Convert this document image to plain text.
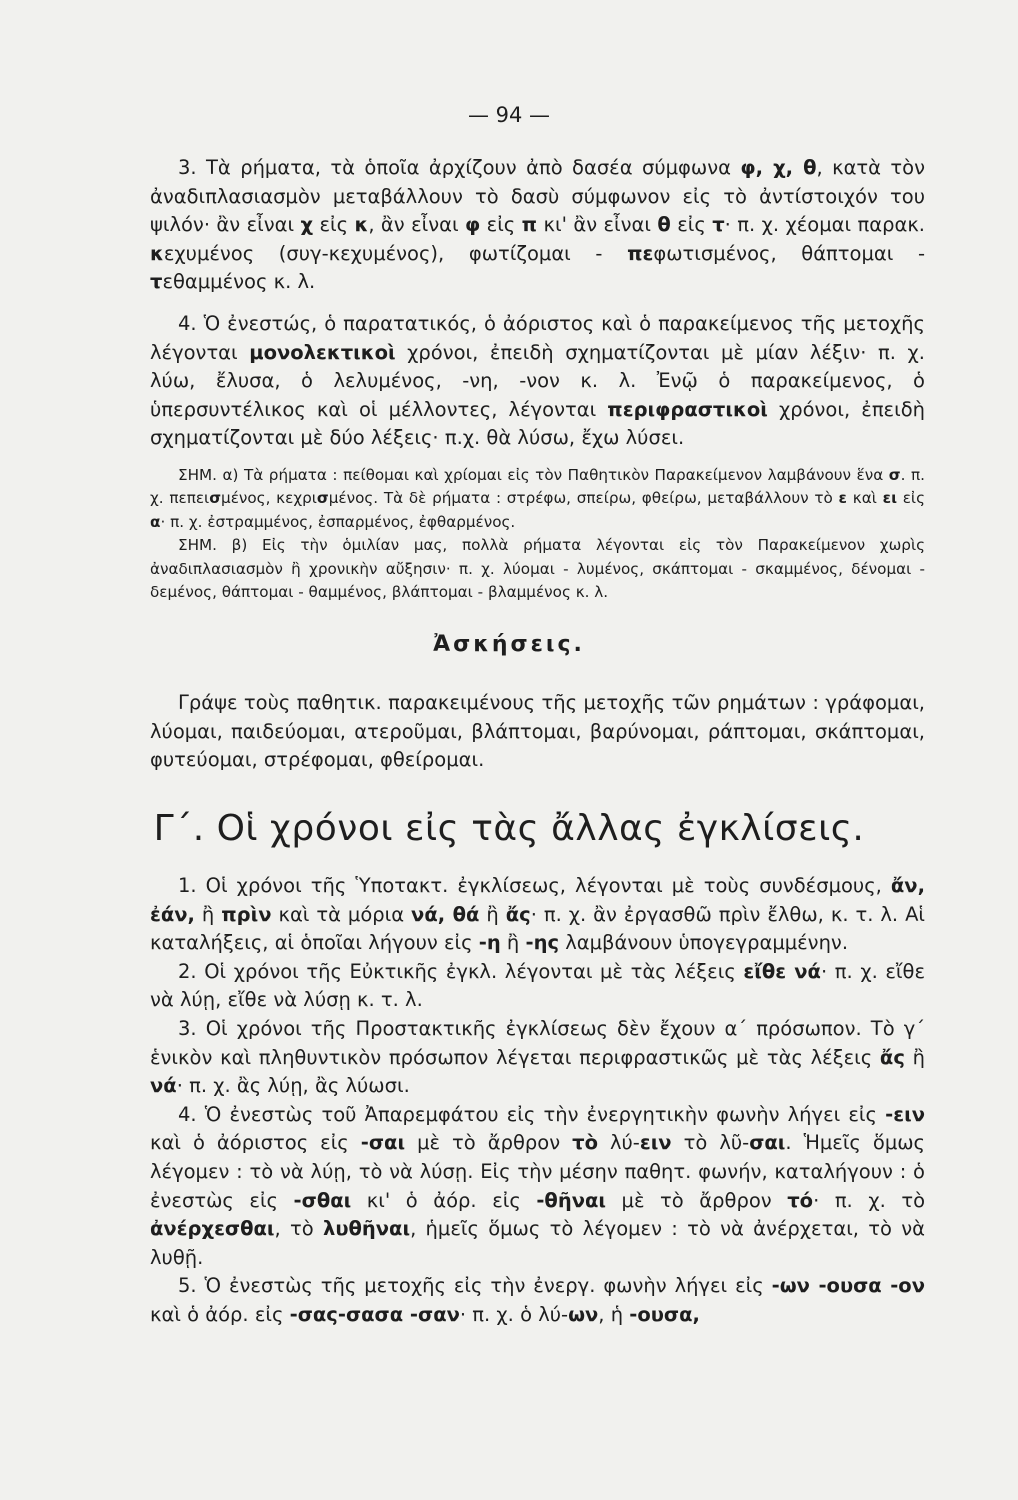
— 94 —

3. Τὰ ρήματα, τὰ ὁποῖα ἀρχίζουν ἀπὸ δασέα σύμφωνα φ, χ, θ, κατὰ τὸν ἀναδιπλασιασμὸν μεταβάλλουν τὸ δασὺ σύμφωνον εἰς τὸ ἀντίστοιχόν του ψιλόν· ἂν εἶναι χ εἰς κ, ἂν εἶναι φ εἰς π κι' ἂν εἶναι θ εἰς τ· π. χ. χέομαι παρακ. κεχυμένος (συγ-κεχυμένος), φωτίζομαι - πεφωτισμένος, θάπτομαι - τεθαμμένος κ. λ.

4. Ὁ ἐνεστώς, ὁ παρατατικός, ὁ ἀόριστος καὶ ὁ παρακείμενος τῆς μετοχῆς λέγονται μονολεκτικοὶ χρόνοι, ἐπειδὴ σχηματίζονται μὲ μίαν λέξιν· π. χ. λύω, ἔλυσα, ὁ λελυμένος, -νη, -νον κ. λ. Ἐνῷ ὁ παρακείμενος, ὁ ὑπερσυντέλικος καὶ οἱ μέλλοντες, λέγονται περιφραστικοὶ χρόνοι, ἐπειδὴ σχηματίζονται μὲ δύο λέξεις· π.χ. θὰ λύσω, ἔχω λύσει.

ΣΗΜ. α) Τὰ ρήματα : πείθομαι καὶ χρίομαι εἰς τὸν Παθητικὸν Παρακείμενον λαμβάνουν ἕνα σ. π. χ. πεπεισμένος, κεχρισμένος. Τὰ δὲ ρήματα : στρέφω, σπείρω, φθείρω, μεταβάλλουν τὸ ε καὶ ει εἰς α· π. χ. ἐστραμμένος, ἐσπαρμένος, ἐφθαρμένος.

ΣΗΜ. β) Εἰς τὴν ὁμιλίαν μας, πολλὰ ρήματα λέγονται εἰς τὸν Παρακείμενον χωρὶς ἀναδιπλασιασμὸν ἢ χρονικὴν αὔξησιν· π. χ. λύομαι - λυμένος, σκάπτομαι - σκαμμένος, δένομαι - δεμένος, θάπτομαι - θαμμένος, βλάπτομαι - βλαμμένος κ. λ.

Ἀσκήσεις.

Γράψε τοὺς παθητικ. παρακειμένους τῆς μετοχῆς τῶν ρημάτων : γράφομαι, λύομαι, παιδεύομαι, ατεροῦμαι, βλάπτομαι, βαρύνομαι, ράπτομαι, σκάπτομαι, φυτεύομαι, στρέφομαι, φθείρομαι.

Γ΄. Οἱ χρόνοι εἰς τὰς ἄλλας ἐγκλίσεις.

1. Οἱ χρόνοι τῆς Ὑποτακτ. ἐγκλίσεως, λέγονται μὲ τοὺς συνδέσμους, ἄν, ἐάν, ἢ πρὶν καὶ τὰ μόρια νά, θά ἢ ἄς· π. χ. ἂν ἐργασθῶ πρὶν ἔλθω, κ. τ. λ. Αἱ καταλήξεις, αἱ ὁποῖαι λήγουν εἰς -η ἢ -ης λαμβάνουν ὑπογεγραμμένην.

2. Οἱ χρόνοι τῆς Εὐκτικῆς ἐγκλ. λέγονται μὲ τὰς λέξεις εἴθε νά· π. χ. εἴθε νὰ λύῃ, εἴθε νὰ λύσῃ κ. τ. λ.

3. Οἱ χρόνοι τῆς Προστακτικῆς ἐγκλίσεως δὲν ἔχουν α΄ πρόσωπον. Τὸ γ΄ ἑνικὸν καὶ πληθυντικὸν πρόσωπον λέγεται περιφραστικῶς μὲ τὰς λέξεις ἄς ἢ νά· π. χ. ἂς λύῃ, ἂς λύωσι.

4. Ὁ ἐνεστὼς τοῦ Ἀπαρεμφάτου εἰς τὴν ἐνεργητικὴν φωνὴν λήγει εἰς -ειν καὶ ὁ ἀόριστος εἰς -σαι μὲ τὸ ἄρθρον τὸ λύ-ειν τὸ λῦ-σαι. Ἡμεῖς ὅμως λέγομεν : τὸ νὰ λύῃ, τὸ νὰ λύσῃ. Εἰς τὴν μέσην παθητ. φωνήν, καταλήγουν : ὁ ἐνεστὼς εἰς -σθαι κι' ὁ ἀόρ. εἰς -θῆναι μὲ τὸ ἄρθρον τό· π. χ. τὸ ἀνέρχεσθαι, τὸ λυθῆναι, ἡμεῖς ὅμως τὸ λέγομεν : τὸ νὰ ἀνέρχεται, τὸ νὰ λυθῇ.

5. Ὁ ἐνεστὼς τῆς μετοχῆς εἰς τὴν ἐνεργ. φωνὴν λήγει εἰς -ων -ουσα -ον καὶ ὁ ἀόρ. εἰς -σας-σασα -σαν· π. χ. ὁ λύ-ων, ἡ -ουσα,
